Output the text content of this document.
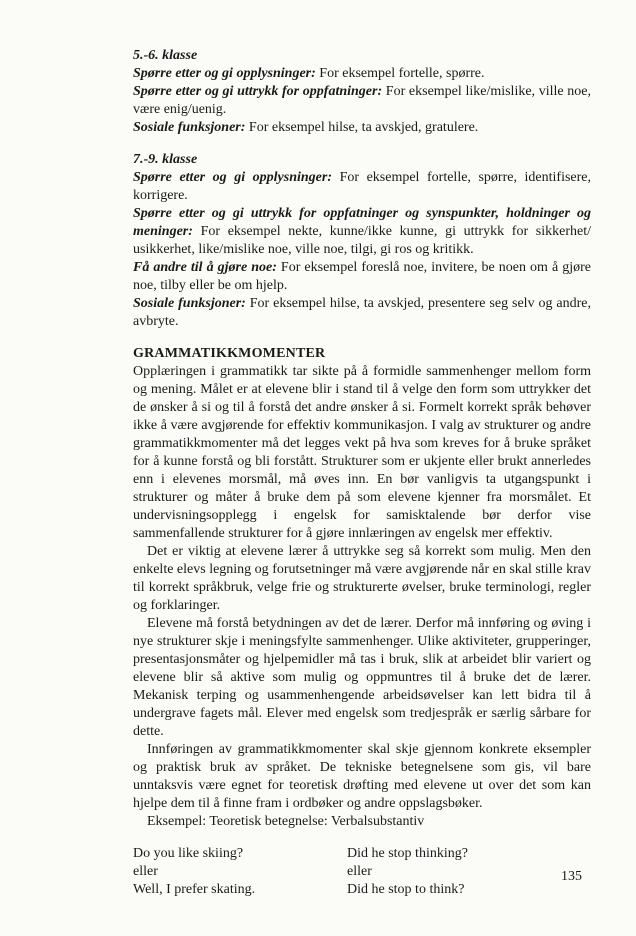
5.-6. klasse

Spørre etter og gi opplysninger: For eksempel fortelle, spørre.

Spørre etter og gi uttrykk for oppfatninger: For eksempel like/mislike, ville noe, være enig/uenig.

Sosiale funksjoner: For eksempel hilse, ta avskjed, gratulere.

7.-9. klasse

Spørre etter og gi opplysninger: For eksempel fortelle, spørre, identifisere, korrigere.

Spørre etter og gi uttrykk for oppfatninger og synspunkter, holdninger og meninger: For eksempel nekte, kunne/ikke kunne, gi uttrykk for sikkerhet/ usikkerhet, like/mislike noe, ville noe, tilgi, gi ros og kritikk.

Få andre til å gjøre noe: For eksempel foreslå noe, invitere, be noen om å gjøre noe, tilby eller be om hjelp.

Sosiale funksjoner: For eksempel hilse, ta avskjed, presentere seg selv og andre, avbryte.

GRAMMATIKKMOMENTER

Opplæringen i grammatikk tar sikte på å formidle sammenhenger mellom form og mening. Målet er at elevene blir i stand til å velge den form som uttrykker det de ønsker å si og til å forstå det andre ønsker å si. Formelt korrekt språk behøver ikke å være avgjørende for effektiv kommunikasjon. I valg av strukturer og andre grammatikkmomenter må det legges vekt på hva som kreves for å bruke språket for å kunne forstå og bli forstått. Strukturer som er ukjente eller brukt annerledes enn i elevenes morsmål, må øves inn. En bør vanligvis ta utgangspunkt i strukturer og måter å bruke dem på som elevene kjenner fra morsmålet. Et undervisningsopplegg i engelsk for samisktalende bør derfor vise sammenfallende strukturer for å gjøre innlæringen av engelsk mer effektiv.

Det er viktig at elevene lærer å uttrykke seg så korrekt som mulig. Men den enkelte elevs legning og forutsetninger må være avgjørende når en skal stille krav til korrekt språkbruk, velge frie og strukturerte øvelser, bruke terminologi, regler og forklaringer.

Elevene må forstå betydningen av det de lærer. Derfor må innføring og øving i nye strukturer skje i meningsfylte sammenhenger. Ulike aktiviteter, grupperinger, presentasjonsmåter og hjelpemidler må tas i bruk, slik at arbeidet blir variert og elevene blir så aktive som mulig og oppmuntres til å bruke det de lærer. Mekanisk terping og usammenhengende arbeidsøvelser kan lett bidra til å undergrave fagets mål. Elever med engelsk som tredjespråk er særlig sårbare for dette.

Innføringen av grammatikkmomenter skal skje gjennom konkrete eksempler og praktisk bruk av språket. De tekniske betegnelsene som gis, vil bare unntaksvis være egnet for teoretisk drøfting med elevene ut over det som kan hjelpe dem til å finne fram i ordbøker og andre oppslagsbøker.

Eksempel: Teoretisk betegnelse: Verbalsubstantiv

Do you like skiing?	Did he stop thinking?
eller	eller
Well, I prefer skating.	Did he stop to think?
135
